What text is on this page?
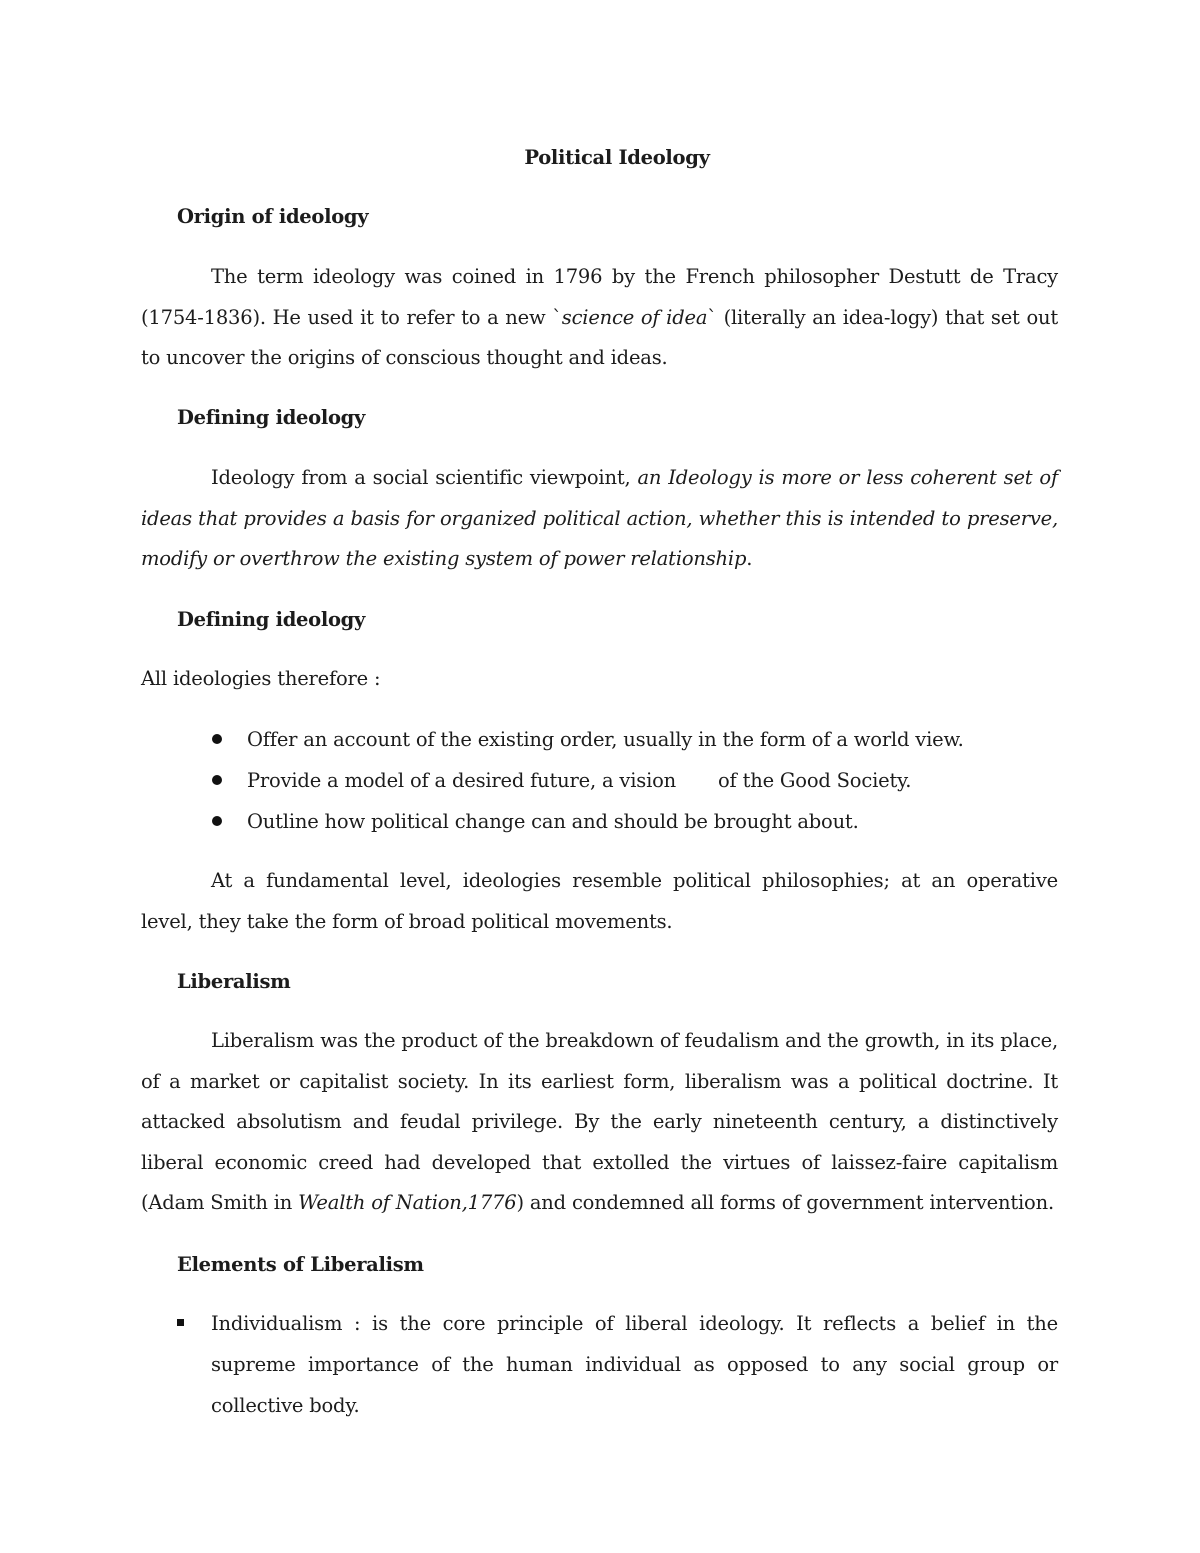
Political Ideology
Origin of ideology

The term ideology was coined in 1796 by the French philosopher Destutt de Tracy (1754-1836). He used it to refer to a new `science of idea` (literally an idea-logy) that set out to uncover the origins of conscious thought and ideas.

Defining ideology

Ideology from a social scientific viewpoint, an Ideology is more or less coherent set of ideas that provides a basis for organized political action, whether this is intended to preserve, modify or overthrow the existing system of power relationship.

Defining ideology

All ideologies therefore :

Offer an account of the existing order, usually in the form of a world view.
Provide a model of a desired future, a vision of the Good Society.
Outline how political change can and should be brought about.

At a fundamental level, ideologies resemble political philosophies; at an operative level, they take the form of broad political movements.

Liberalism

Liberalism was the product of the breakdown of feudalism and the growth, in its place, of a market or capitalist society. In its earliest form, liberalism was a political doctrine. It attacked absolutism and feudal privilege. By the early nineteenth century, a distinctively liberal economic creed had developed that extolled the virtues of laissez-faire capitalism (Adam Smith in Wealth of Nation,1776) and condemned all forms of government intervention.

Elements of Liberalism
Individualism : is the core principle of liberal ideology. It reflects a belief in the supreme importance of the human individual as opposed to any social group or collective body.
